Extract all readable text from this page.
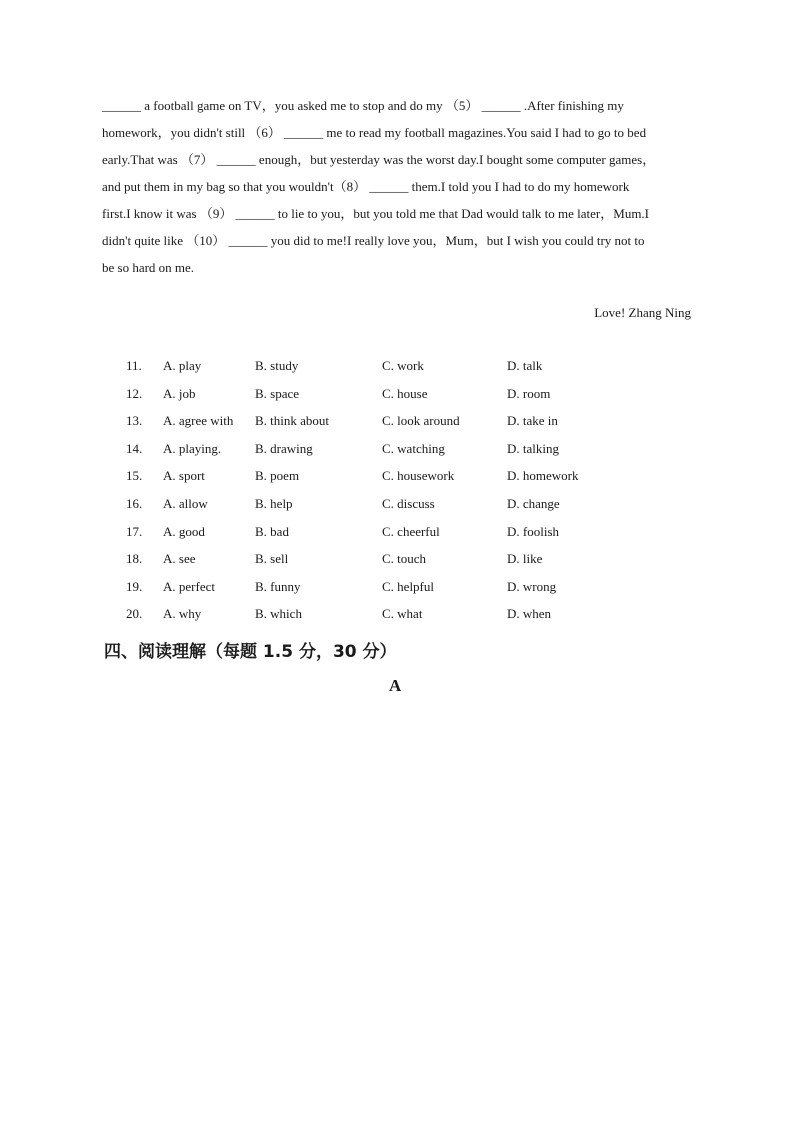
______ a football game on TV，you asked me to stop and do my （5） ______ .After finishing my
homework，you didn't still （6） ______ me to read my football magazines.You said I had to go to bed
early.That was （7） ______ enough，but yesterday was the worst day.I bought some computer games，
and put them in my bag so that you wouldn't（8） ______ them.I told you I had to do my homework
first.I know it was （9） ______ to lie to you，but you told me that Dad would talk to me later，Mum.I
didn't quite like （10） ______ you did to me!I really love you，Mum，but I wish you could try not to
be so hard on me.
Love! Zhang Ning
11. A. play	B. study	C. work	D. talk
12. A. job	B. space	C. house	D. room
13. A. agree with B. think about	C. look around	D. take in
14. A. playing.	B. drawing	C. watching	D. talking
15. A. sport	B. poem	C. housework	D. homework
16. A. allow	B. help	C. discuss	D. change
17. A. good	B. bad	C. cheerful	D. foolish
18. A. see	B. sell	C. touch	D. like
19. A. perfect	B. funny	C. helpful	D. wrong
20. A. why	B. which	C. what	D. when
四、阅读理解（每题 1.5 分，30 分）
A
